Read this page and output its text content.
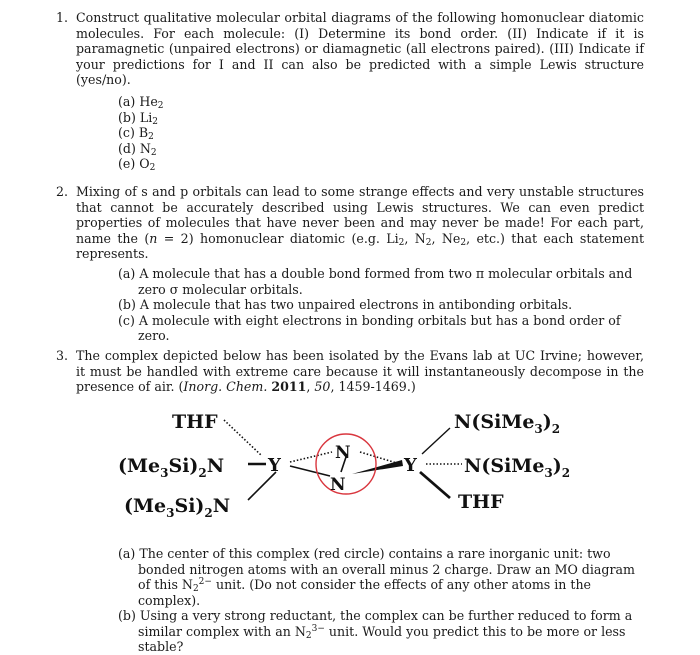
1. Construct qualitative molecular orbital diagrams of the following homonuclear diatomic molecules. For each molecule: (I) Determine its bond order. (II) Indicate if it is paramagnetic (unpaired electrons) or diamagnetic (all electrons paired). (III) Indicate if your predictions for I and II can also be predicted with a simple Lewis structure (yes/no).
(a) $He_2$
(b) $Li_2$
(c) $B_2$
(d) $N_2$
(e) $O_2$
2. Mixing of s and p orbitals can lead to some strange effects and very unstable structures that cannot be accurately described using Lewis structures. We can even predict properties of molecules that have never been and may never be made! For each part, name the (n = 2) homonuclear diatomic (e.g. $Li_2$, $N_2$, $Ne_2$, etc.) that each statement represents.
(a) A molecule that has a double bond formed from two π molecular orbitals and zero σ molecular orbitals.
(b) A molecule that has two unpaired electrons in antibonding orbitals.
(c) A molecule with eight electrons in bonding orbitals but has a bond order of zero.
3. The complex depicted below has been isolated by the Evans lab at UC Irvine; however, it must be handled with extreme care because it will instantaneously decompose in the presence of air. (Inorg. Chem. 2011, 50, 1459-1469.)
THF
$(Me_3Si)_2N$
$(Me_3Si)_2N$
Y
N
N
Y
$N(SiMe_3)_2$
$N(SiMe_3)_2$
THF
(a) The center of this complex (red circle) contains a rare inorganic unit: two bonded nitrogen atoms with an overall minus 2 charge. Draw an MO diagram of this $N_2^{2-}$ unit. (Do not consider the effects of any other atoms in the complex).
(b) Using a very strong reductant, the complex can be further reduced to form a similar complex with an $N_2^{3-}$ unit. Would you predict this to be more or less stable?
